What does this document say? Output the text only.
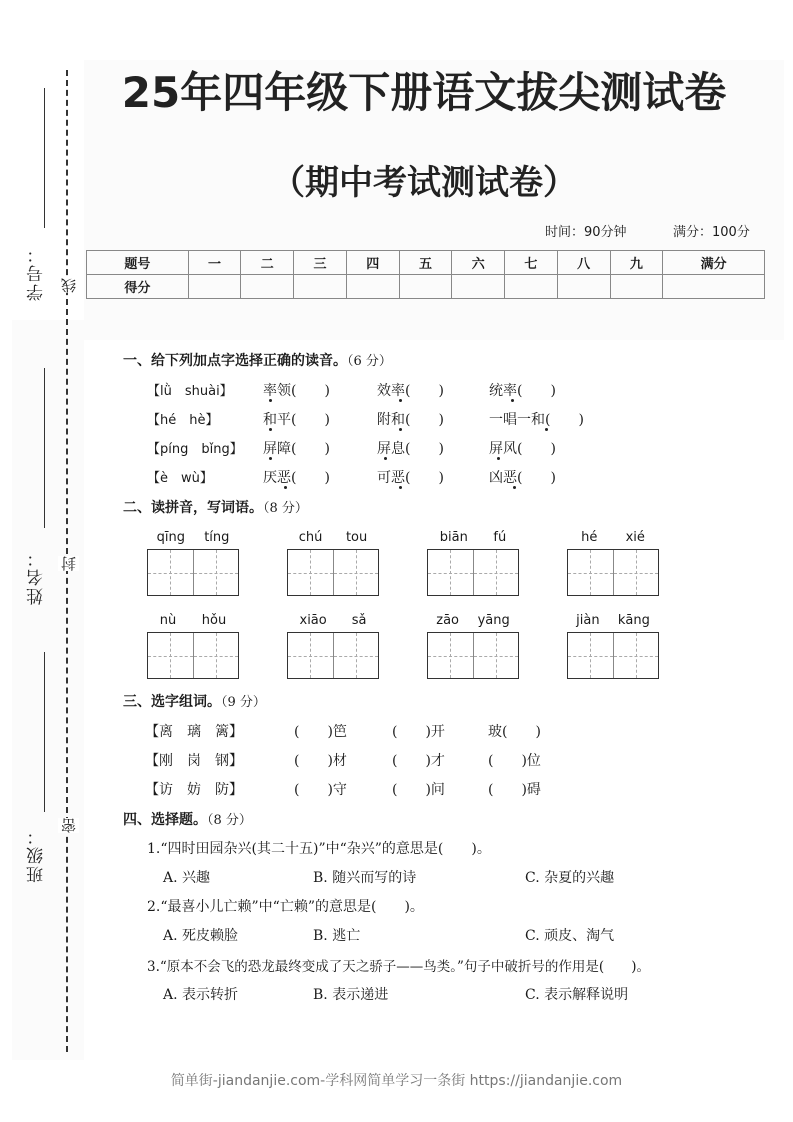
学号： 线
姓名： 封
班级：
密
25年四年级下册语文拔尖测试卷
（期中考试测试卷）
时间：90分钟	满分：100分
题号	一	二	三	四	五	六	七	八	九	满分
得分										
一、给下列加点字选择正确的读音。（6 分）
【lǜ　shuài】 率领(　　)	效率(　　)	统率(　　)
【hé　hè】	和平(　　)	附和(　　)	一唱一和(　　)
【píng　bǐng】 屏障(　　)	屏息(　　)	屏风(　　)
【è　wù】	厌恶(　　)	可恶(　　)	凶恶(　　)
二、读拼音，写词语。（8 分）
qīng tíng	chú tou	biān fú	hé xié
nù hǒu	xiāo sǎ	zāo yāng	jiàn kāng
三、选字组词。（9 分）
【离　璃　篱】	(　　)笆	(　　)开	玻(　　)
【刚　岗　钢】	(　　)材	(　　)才	(　　)位
【访　妨　防】	(　　)守	(　　)问	(　　)碍
四、选择题。（8 分）
1.“四时田园杂兴(其二十五)”中“杂兴”的意思是(　　)。
A. 兴趣	B. 随兴而写的诗	C. 杂夏的兴趣
2.“最喜小儿亡赖”中“亡赖”的意思是(　　)。
A. 死皮赖脸	B. 逃亡	C. 顽皮、淘气
3.“原本不会飞的恐龙最终变成了天之骄子——鸟类。”句子中破折号的作用是(　　)。
A. 表示转折	B. 表示递进	C. 表示解释说明
简单街-jiandanjie.com-学科网简单学习一条街 https://jiandanjie.com
